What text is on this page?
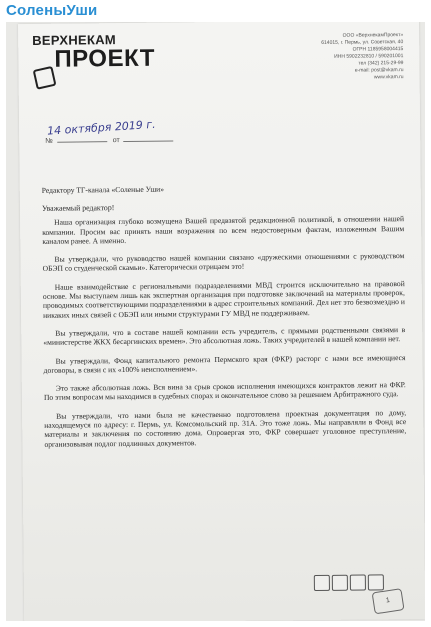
СоленыУши
ВЕРХНЕКАМ
ПРОЕКТ
ООО «ВерхнекамПроект»
614015, г. Пермь, ул. Советская, 40
ОГРН 1185958004415
ИНН 5902232810 / 590201001
тел (342) 215-29-99
e-mail: post@vkam.ru
www.vkam.ru
14 октября 2019 г.
№	от
Редактору ТГ-канала «Соленые Уши»
Уважаемый редактор!

Наша организация глубоко возмущена Вашей предвзятой редакционной политикой, в отношении нашей компании. Просим вас принять наши возражения по всем недостоверным фактам, изложенным Вашим каналом ранее. А именно.

Вы утверждали, что руководство нашей компании связано «дружескими отношениями с руководством ОБЭП со студенческой скамьи». Категорически отрицаем это!

Наше взаимодействие с региональными подразделениями МВД строится исключительно на правовой основе. Мы выступаем лишь как экспертная организация при подготовке заключений на материалы проверок, проводимых соответствующими подразделениями в адрес строительных компаний. Дел нет это безвозмездно и никаких иных связей с ОБЭП или иными структурами ГУ МВД не поддерживаем.

Вы утверждали, что в составе нашей компании есть учредитель, с прямыми родственными связями в «министерстве ЖКХ бесаргинских времен». Это абсолютная ложь. Таких учредителей в нашей компании нет.

Вы утверждали, Фонд капитального ремонта Пермского края (ФКР) расторг с нами все имеющиеся договоры, в связи с их «100% неисполнением».

Это также абсолютная ложь. Вся вина за срыв сроков исполнения имеющихся контрактов лежит на ФКР. По этим вопросам мы находимся в судебных спорах и окончательное слово за решением Арбитражного суда.

Вы утверждали, что нами была не качественно подготовлена проектная документация по дому, находящемуся по адресу: г. Пермь, ул. Комсомольский пр. 31А. Это тоже ложь. Мы направляли в Фонд все материалы и заключения по состоянию дома. Опровергая это, ФКР совершает уголовное преступление, организовывая подлог подлинных документов.

1
